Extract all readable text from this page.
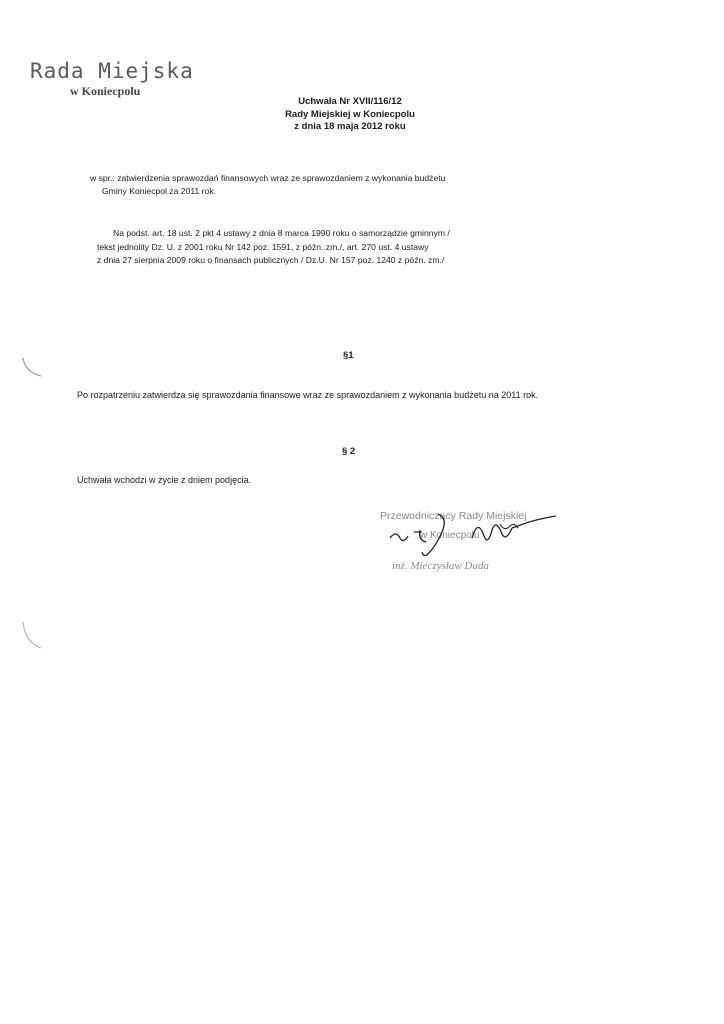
Rada Miejska
w Koniecpolu
Uchwała Nr XVII/116/12
Rady Miejskiej w Koniecpolu
z dnia 18 maja 2012 roku
w spr.: zatwierdzenia sprawozdań finansowych wraz ze sprawozdaniem z wykonania budżetu
Gminy Koniecpol za 2011 rok.
Na podst. art. 18 ust. 2 pkt 4 ustawy z dnia 8 marca 1990 roku o samorządzie gminnym /
tekst jednolity Dz. U. z 2001 roku Nr 142 poz. 1591, z późn. zm./, art. 270 ust. 4 ustawy
z dnia 27 sierpnia 2009 roku o finansach publicznych / Dz.U. Nr 157 poz. 1240 z późn. zm./
§1
Po rozpatrzeniu zatwierdza się sprawozdania finansowe wraz ze sprawozdaniem z wykonania budżetu na 2011 rok.
§ 2
Uchwała wchodzi w życie z dniem podjęcia.
Przewodniczący Rady Miejskiej
w Koniecpolu
inż. Mieczysław Duda
